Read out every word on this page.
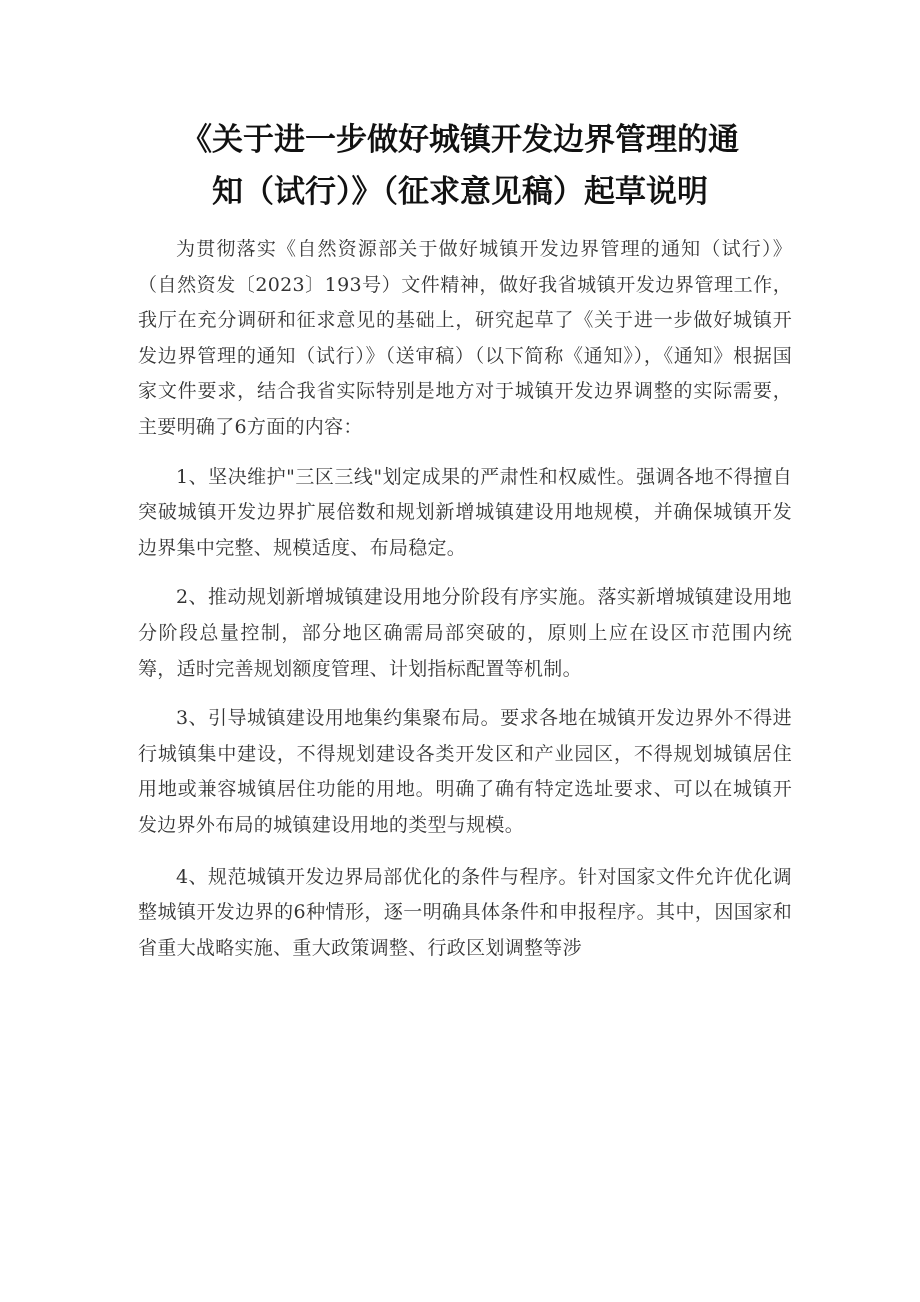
《关于进一步做好城镇开发边界管理的通
知（试行）》（征求意见稿）起草说明

为贯彻落实《自然资源部关于做好城镇开发边界管理的通知（试行）》（自然资发〔2023〕193号）文件精神，做好我省城镇开发边界管理工作，我厅在充分调研和征求意见的基础上，研究起草了《关于进一步做好城镇开发边界管理的通知（试行）》（送审稿）（以下简称《通知》），《通知》根据国家文件要求，结合我省实际特别是地方对于城镇开发边界调整的实际需要，主要明确了6方面的内容：

1、坚决维护"三区三线"划定成果的严肃性和权威性。强调各地不得擅自突破城镇开发边界扩展倍数和规划新增城镇建设用地规模，并确保城镇开发边界集中完整、规模适度、布局稳定。

2、推动规划新增城镇建设用地分阶段有序实施。落实新增城镇建设用地分阶段总量控制，部分地区确需局部突破的，原则上应在设区市范围内统筹，适时完善规划额度管理、计划指标配置等机制。

3、引导城镇建设用地集约集聚布局。要求各地在城镇开发边界外不得进行城镇集中建设，不得规划建设各类开发区和产业园区，不得规划城镇居住用地或兼容城镇居住功能的用地。明确了确有特定选址要求、可以在城镇开发边界外布局的城镇建设用地的类型与规模。

4、规范城镇开发边界局部优化的条件与程序。针对国家文件允许优化调整城镇开发边界的6种情形，逐一明确具体条件和申报程序。其中，因国家和省重大战略实施、重大政策调整、行政区划调整等涉
